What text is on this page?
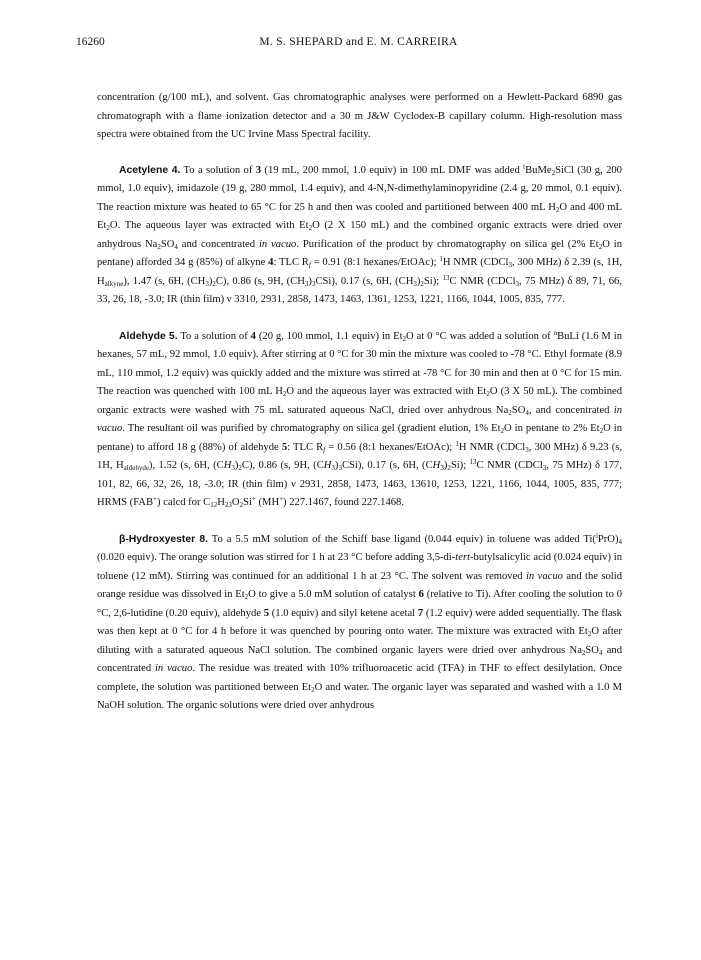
16260	M. S. SHEPARD and E. M. CARREIRA

concentration (g/100 mL), and solvent. Gas chromatographic analyses were performed on a Hewlett-Packard 6890 gas chromatograph with a flame ionization detector and a 30 m J&W Cyclodex-B capillary column. High-resolution mass spectra were obtained from the UC Irvine Mass Spectral facility.

Acetylene 4. To a solution of 3 (19 mL, 200 mmol, 1.0 equiv) in 100 mL DMF was added $^t$BuMe$_2$SiCl (30 g, 200 mmol, 1.0 equiv), imidazole (19 g, 280 mmol, 1.4 equiv), and 4-N,N-dimethylaminopyridine (2.4 g, 20 mmol, 0.1 equiv). The reaction mixture was heated to 65 °C for 25 h and then was cooled and partitioned between 400 mL $H_2O$ and 400 mL $Et_2O$. The aqueous layer was extracted with $Et_2O$ (2 X 150 mL) and the combined organic extracts were dried over anhydrous $Na_2SO_4$ and concentrated in vacuo. Purification of the product by chromatography on silica gel (2% $Et_2O$ in pentane) afforded 34 g (85%) of alkyne 4: TLC $R_f = 0.91$ (8:1 hexanes/EtOAc); $^1$H NMR (CDCl$_3$, 300 MHz) δ 2.39 (s, 1H, $H_{alkyne}$), 1.47 (s, 6H, $(CH_3)_2C$), 0.86 (s, 9H, $(CH_3)_3CSi$), 0.17 (s, 6H, $(CH_3)_2Si$); $^{13}$C NMR (CDCl$_3$, 75 MHz) δ 89, 71, 66, 33, 26, 18, -3.0; IR (thin film) ν 3310, 2931, 2858, 1473, 1463, 1361, 1253, 1221, 1166, 1044, 1005, 835, 777.

Aldehyde 5. To a solution of 4 (20 g, 100 mmol, 1.1 equiv) in $Et_2O$ at 0 °C was added a solution of $^n$BuLi (1.6 M in hexanes, 57 mL, 92 mmol, 1.0 equiv). After stirring at 0 °C for 30 min the mixture was cooled to -78 °C. Ethyl formate (8.9 mL, 110 mmol, 1.2 equiv) was quickly added and the mixture was stirred at -78 °C for 30 min and then at 0 °C for 15 min. The reaction was quenched with 100 mL $H_2O$ and the aqueous layer was extracted with $Et_2O$ (3 X 50 mL). The combined organic extracts were washed with 75 mL saturated aqueous NaCl, dried over anhydrous $Na_2SO_4$, and concentrated in vacuo. The resultant oil was purified by chromatography on silica gel (gradient elution, 1% $Et_2O$ in pentane to 2% $Et_2O$ in pentane) to afford 18 g (88%) of aldehyde 5: TLC $R_f = 0.56$ (8:1 hexanes/EtOAc); $^1$H NMR (CDCl$_3$, 300 MHz) δ 9.23 (s, 1H, $H_{aldehyde}$), 1.52 (s, 6H, $(CH_3)_2C$), 0.86 (s, 9H, $(CH_3)_3CSi$), 0.17 (s, 6H, $(CH_3)_2Si$); $^{13}$C NMR (CDCl$_3$, 75 MHz) δ 177, 101, 82, 66, 32, 26, 18, -3.0; IR (thin film) ν 2931, 2858, 1473, 1463, 13610, 1253, 1221, 1166, 1044, 1005, 835, 777; HRMS (FAB+) calcd for $C_{12}H_{23}O_2Si^+$ (MH+) 227.1467, found 227.1468.

β-Hydroxyester 8. To a 5.5 mM solution of the Schiff base ligand (0.044 equiv) in toluene was added $Ti(^iPrO)_4$ (0.020 equiv). The orange solution was stirred for 1 h at 23 °C before adding 3,5-di-tert-butylsalicylic acid (0.024 equiv) in toluene (12 mM). Stirring was continued for an additional 1 h at 23 °C. The solvent was removed in vacuo and the solid orange residue was dissolved in $Et_2O$ to give a 5.0 mM solution of catalyst 6 (relative to Ti). After cooling the solution to 0 °C, 2,6-lutidine (0.20 equiv), aldehyde 5 (1.0 equiv) and silyl ketene acetal 7 (1.2 equiv) were added sequentially. The flask was then kept at 0 °C for 4 h before it was quenched by pouring onto water. The mixture was extracted with $Et_2O$ after diluting with a saturated aqueous NaCl solution. The combined organic layers were dried over anhydrous $Na_2SO_4$ and concentrated in vacuo. The residue was treated with 10% trifluoroacetic acid (TFA) in THF to effect desilylation. Once complete, the solution was partitioned between $Et_2O$ and water. The organic layer was separated and washed with a 1.0 M NaOH solution. The organic solutions were dried over anhydrous
